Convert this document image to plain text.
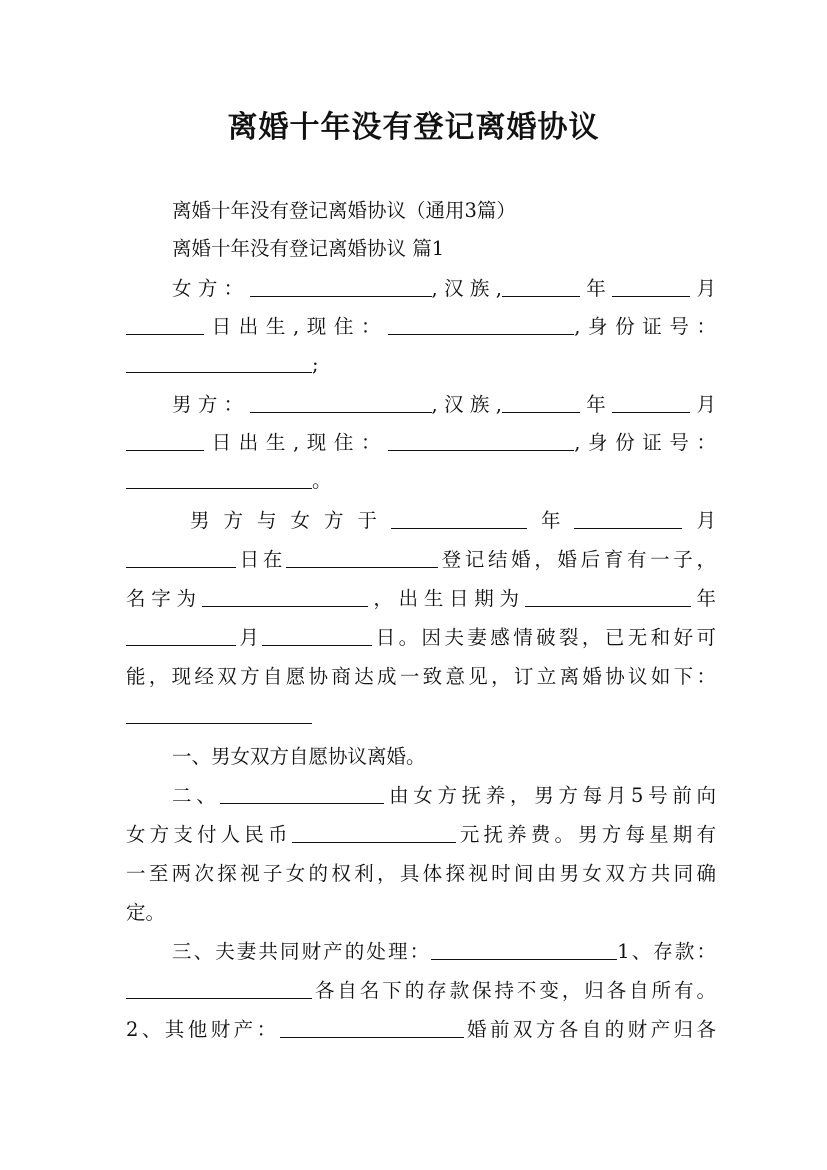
离婚十年没有登记离婚协议
离婚十年没有登记离婚协议（通用3篇）
离婚十年没有登记离婚协议 篇1
女方：	,汉族,	年	月
日出生,现住：	,身份证号：
;
男方：	,汉族,	年	月
日出生,现住：	,身份证号：
。
男方与女方于	年	月
日在	登记结婚，婚后育有一子，
名字为	，出生日期为	年
月	日。因夫妻感情破裂，已无和好可
能，现经双方自愿协商达成一致意见，订立离婚协议如下：
一、男女双方自愿协议离婚。
二、	由女方抚养，男方每月5号前向
女方支付人民币	元抚养费。男方每星期有
一至两次探视子女的权利，具体探视时间由男女双方共同确
定。
三、夫妻共同财产的处理：	1、存款：
各自名下的存款保持不变，归各自所有。
2、其他财产：	婚前双方各自的财产归各
